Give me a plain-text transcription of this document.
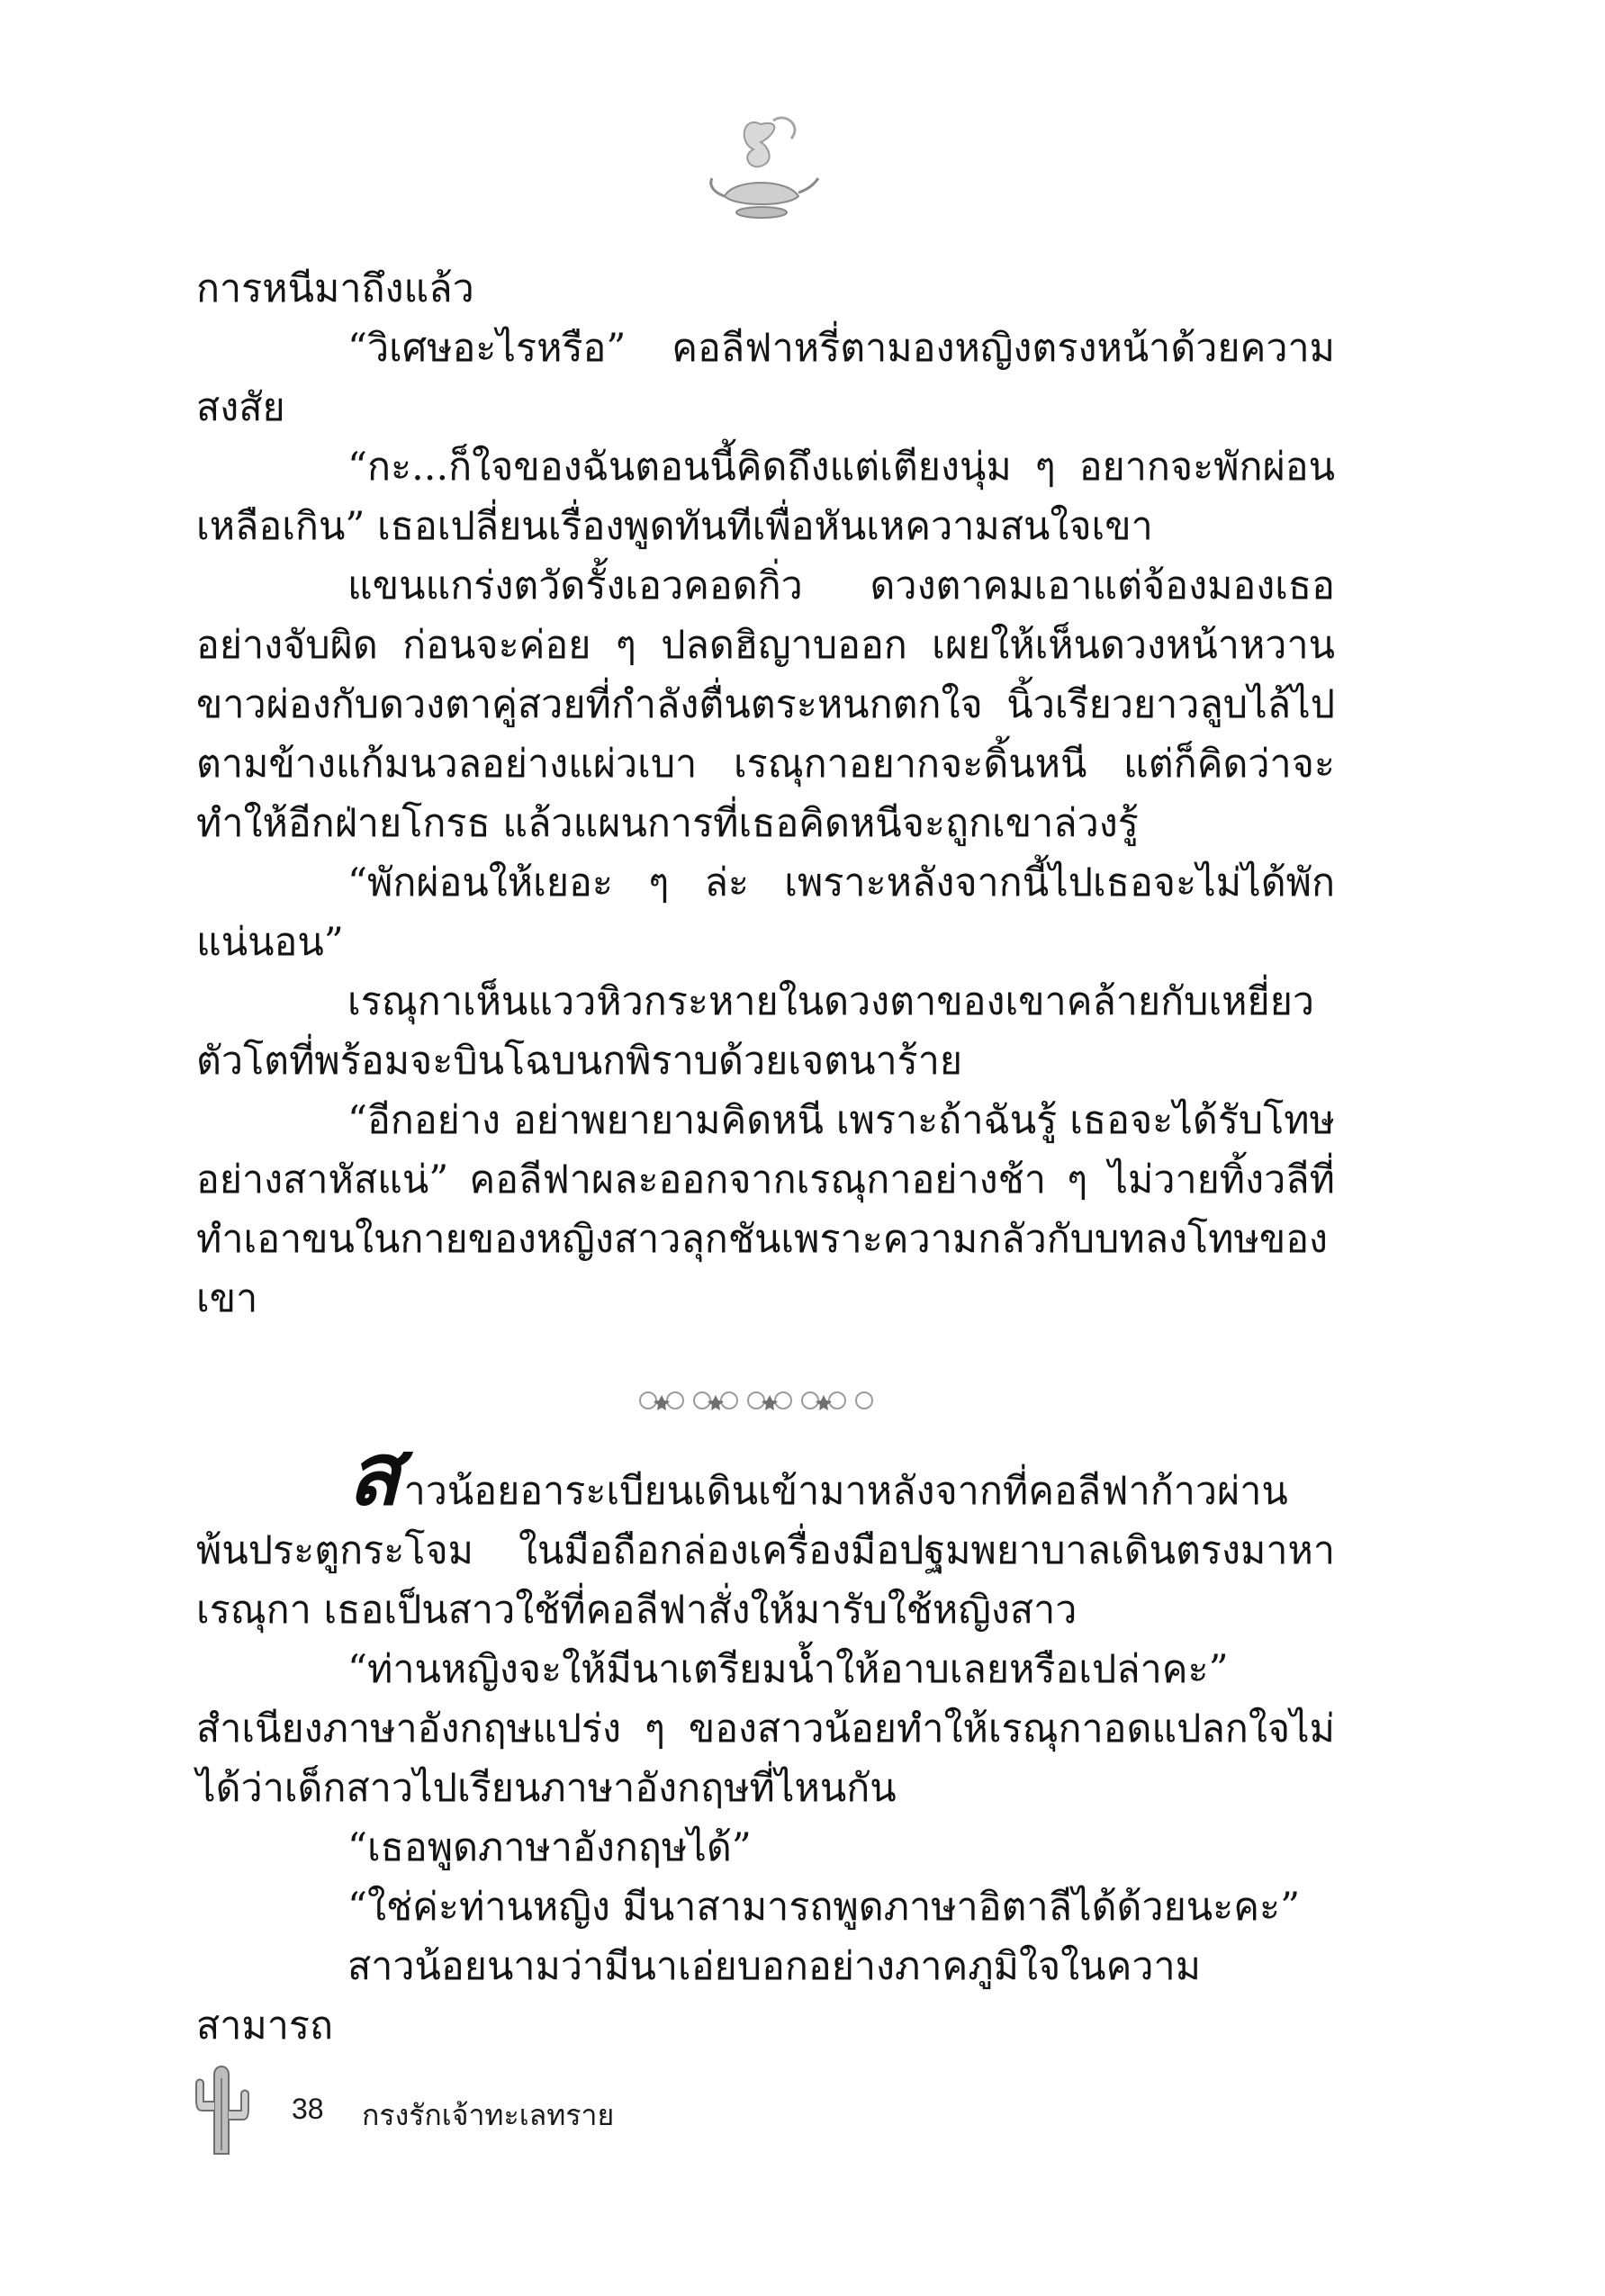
การหนีมาถึงแล้ว

“วิเศษอะไรหรือ” คอลีฟาหรี่ตามองหญิงตรงหน้าด้วยความสงสัย

“กะ...ก็ใจของฉันตอนนี้คิดถึงแต่เตียงนุ่ม ๆ อยากจะพักผ่อนเหลือเกิน” เธอเปลี่ยนเรื่องพูดทันทีเพื่อหันเหความสนใจเขา

แขนแกร่งตวัดรั้งเอวคอดกิ่ว ดวงตาคมเอาแต่จ้องมองเธออย่างจับผิด ก่อนจะค่อย ๆ ปลดฮิญาบออก เผยให้เห็นดวงหน้าหวานขาวผ่องกับดวงตาคู่สวยที่กำลังตื่นตระหนกตกใจ นิ้วเรียวยาวลูบไล้ไปตามข้างแก้มนวลอย่างแผ่วเบา เรณุกาอยากจะดิ้นหนี แต่ก็คิดว่าจะทำให้อีกฝ่ายโกรธ แล้วแผนการที่เธอคิดหนีจะถูกเขาล่วงรู้

“พักผ่อนให้เยอะ ๆ ล่ะ เพราะหลังจากนี้ไปเธอจะไม่ได้พักแน่นอน”

เรณุกาเห็นแววหิวกระหายในดวงตาของเขาคล้ายกับเหยี่ยวตัวโตที่พร้อมจะบินโฉบนกพิราบด้วยเจตนาร้าย

“อีกอย่าง อย่าพยายามคิดหนี เพราะถ้าฉันรู้ เธอจะได้รับโทษอย่างสาหัสแน่” คอลีฟาผละออกจากเรณุกาอย่างช้า ๆ ไม่วายทิ้งวลีที่ทำเอาขนในกายของหญิงสาวลุกชันเพราะความกลัวกับบทลงโทษของเขา

สาวน้อยอาระเบียนเดินเข้ามาหลังจากที่คอลีฟาก้าวผ่านพ้นประตูกระโจม ในมือถือกล่องเครื่องมือปฐมพยาบาลเดินตรงมาหาเรณุกา เธอเป็นสาวใช้ที่คอลีฟาสั่งให้มารับใช้หญิงสาว

“ท่านหญิงจะให้มีนาเตรียมน้ำให้อาบเลยหรือเปล่าคะ” สำเนียงภาษาอังกฤษแปร่ง ๆ ของสาวน้อยทำให้เรณุกาอดแปลกใจไม่ได้ว่าเด็กสาวไปเรียนภาษาอังกฤษที่ไหนกัน

“เธอพูดภาษาอังกฤษได้”

“ใช่ค่ะท่านหญิง มีนาสามารถพูดภาษาอิตาลีได้ด้วยนะคะ”

สาวน้อยนามว่ามีนาเอ่ยบอกอย่างภาคภูมิใจในความสามารถ

38 กรงรักเจ้าทะเลทราย
